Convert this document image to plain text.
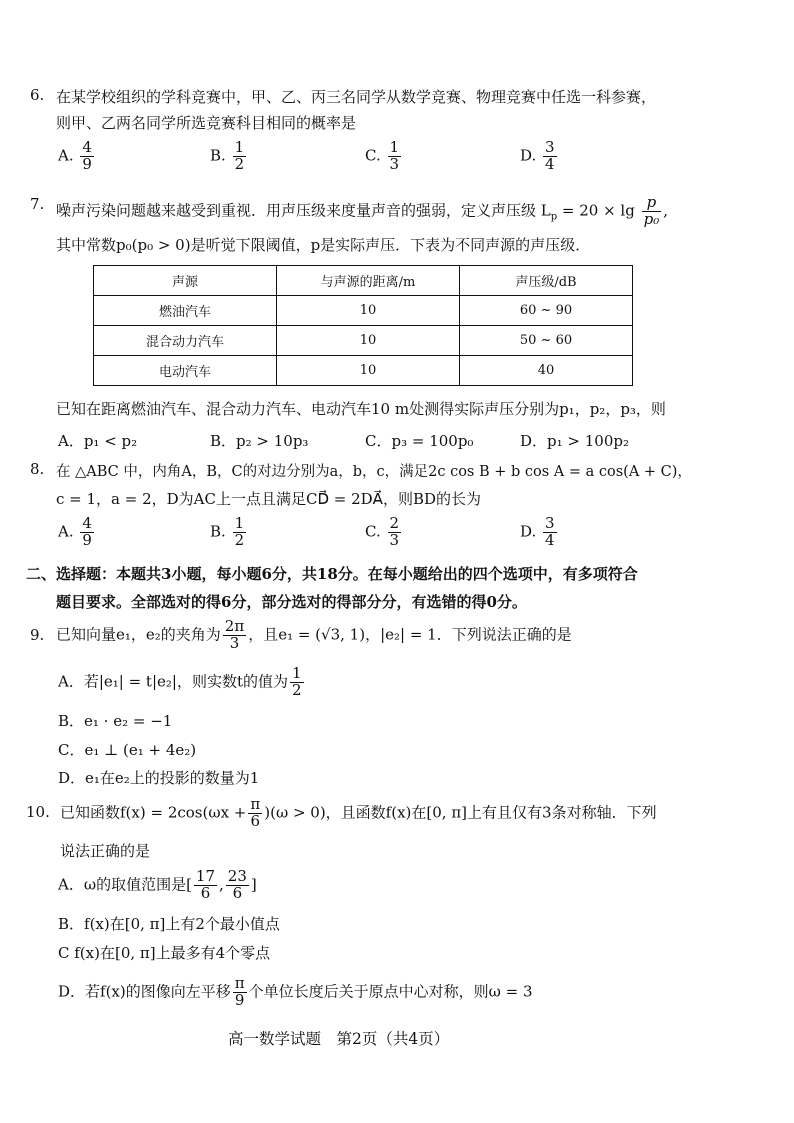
6. 在某学校组织的学科竞赛中，甲、乙、丙三名同学从数学竞赛、物理竞赛中任选一科参赛，
则甲、乙两名同学所选竞赛科目相同的概率是
A. $\frac{4}{9}$	B. $\frac{1}{2}$	C. $\frac{1}{3}$	D. $\frac{3}{4}$
7. 噪声污染问题越来越受到重视．用声压级来度量声音的强弱，定义声压级 $L_p = 20 \times \lg \frac{p}{\text{p₀}}$ ,
其中常数p₀(p₀ > 0)是听觉下限阈值，p是实际声压．下表为不同声源的声压级．
声源	与声源的距离/m	声压级/dB
燃油汽车	10	60 ~ 90
混合动力汽车	10	50 ~ 60
电动汽车	10	40
已知在距离燃油汽车、混合动力汽车、电动汽车10 m处测得实际声压分别为p₁，p₂，p₃，则
A．p₁ < p₂	B．p₂ > 10p₃	C．p₃ = 100p₀	D．p₁ > 100p₂
8. 在 △ABC 中，内角A，B，C的对边分别为a，b，c，满足2c cos B + b cos A = a cos(A + C)，
c = 1，a = 2，D为AC上一点且满足CD⃗ = 2DA⃗，则BD的长为
A. $\frac{4}{9}$	B. $\frac{1}{2}$	C. $\frac{2}{3}$	D. $\frac{3}{4}$
二、选择题：本题共3小题，每小题6分，共18分。在每小题给出的四个选项中，有多项符合
题目要求。全部选对的得6分，部分选对的得部分分，有选错的得0分。
9. 已知向量e₁，e₂的夹角为 $\frac{2\pi}{3}$ ，且e₁ = (√3, 1)，|e₂| = 1．下列说法正确的是
A．若|e₁| = t|e₂|，则实数t的值为 $\frac{1}{2}$
B．e₁ · e₂ = −1
C．e₁ ⊥ (e₁ + 4e₂)
D．e₁在e₂上的投影的数量为1
10. 已知函数$f(x) = 2\cos(\omega x + \frac{\pi}{6} )(\omega > 0)$，且函数f(x)在[0, π]上有且仅有3条对称轴．下列
说法正确的是
A．ω的取值范围是[ $\frac{17}{6}$ , $\frac{23}{6}$ ]
B．f(x)在[0, π]上有2个最小值点
C f(x)在[0, π]上最多有4个零点
D．若f(x)的图像向左平移 $\frac{\pi}{9}$ 个单位长度后关于原点中心对称，则ω = 3
高一数学试题　第2页（共4页）
